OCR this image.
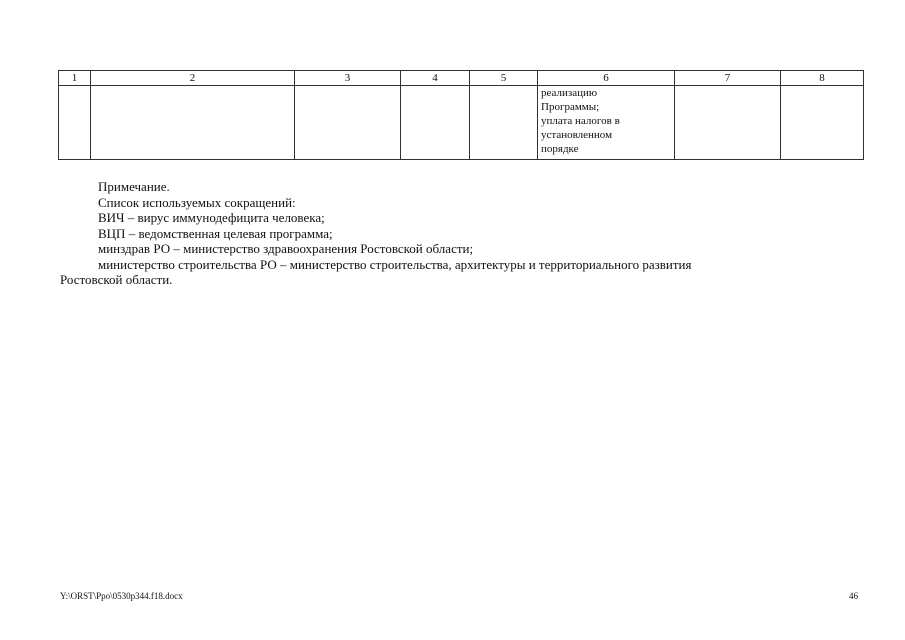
1	2	3	4	5	6	7	8

					реализацию
Программы;
уплата налогов в
установленном
порядке		

Примечание.
Список используемых сокращений:
ВИЧ – вирус иммунодефицита человека;
ВЦП – ведомственная целевая программа;
минздрав РО – министерство здравоохранения Ростовской области;
министерство строительства РО – министерство строительства, архитектуры и территориального развития
Ростовской области.
Y:\ORST\Ppo\0530p344.f18.docx	46
